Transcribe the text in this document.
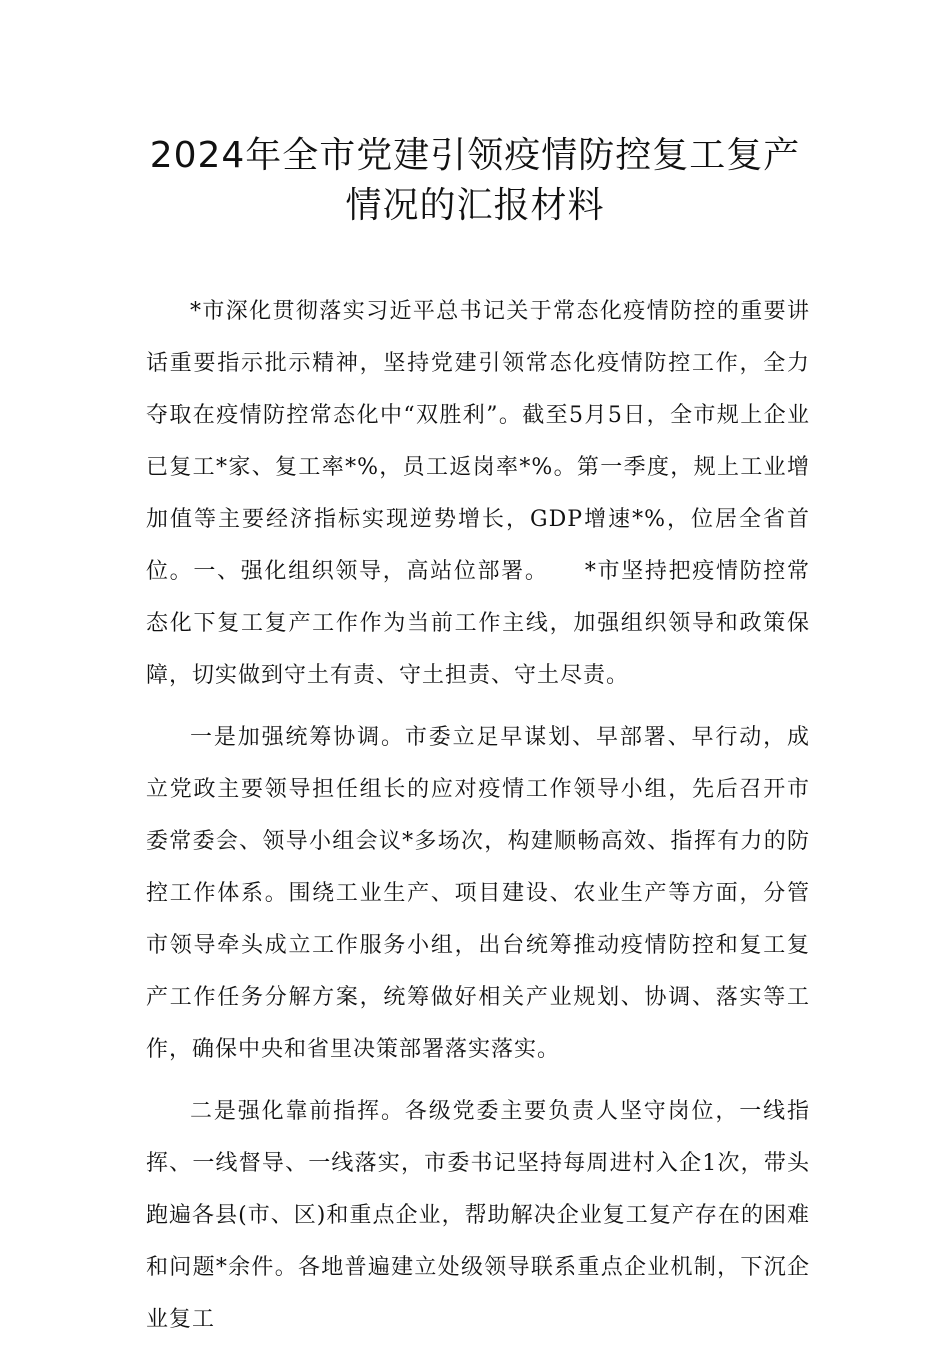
2024年全市党建引领疫情防控复工复产
情况的汇报材料

*市深化贯彻落实习近平总书记关于常态化疫情防控的重要讲话重要指示批示精神，坚持党建引领常态化疫情防控工作，全力夺取在疫情防控常态化中“双胜利”。截至5月5日，全市规上企业已复工*家、复工率*%，员工返岗率*%。第一季度，规上工业增加值等主要经济指标实现逆势增长，GDP增速*%，位居全省首位。一、强化组织领导，高站位部署。　　*市坚持把疫情防控常态化下复工复产工作作为当前工作主线，加强组织领导和政策保障，切实做到守土有责、守土担责、守土尽责。

一是加强统筹协调。市委立足早谋划、早部署、早行动，成立党政主要领导担任组长的应对疫情工作领导小组，先后召开市委常委会、领导小组会议*多场次，构建顺畅高效、指挥有力的防控工作体系。围绕工业生产、项目建设、农业生产等方面，分管市领导牵头成立工作服务小组，出台统筹推动疫情防控和复工复产工作任务分解方案，统筹做好相关产业规划、协调、落实等工作，确保中央和省里决策部署落实落实。

二是强化靠前指挥。各级党委主要负责人坚守岗位，一线指挥、一线督导、一线落实，市委书记坚持每周进村入企1次，带头跑遍各县(市、区)和重点企业，帮助解决企业复工复产存在的困难和问题*余件。各地普遍建立处级领导联系重点企业机制，下沉企业复工
